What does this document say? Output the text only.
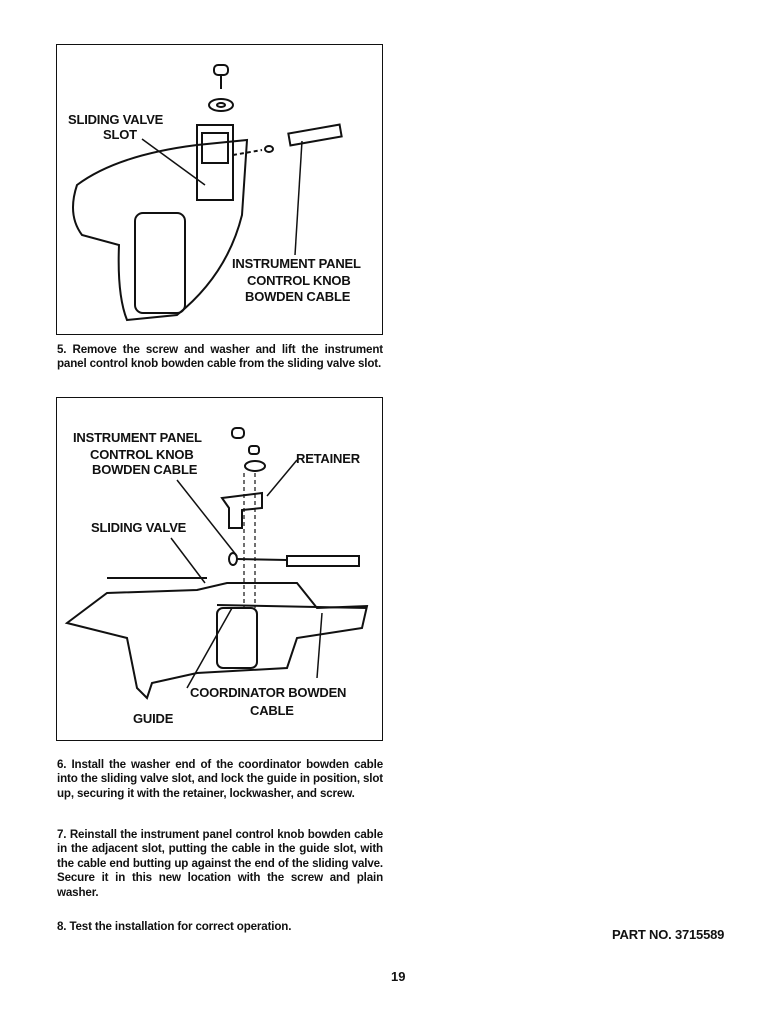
SLIDING VALVE
SLOT
INSTRUMENT PANEL
CONTROL KNOB
BOWDEN CABLE

5. Remove the screw and washer and lift the instrument panel control knob bowden cable from the sliding valve slot.

INSTRUMENT PANEL
CONTROL KNOB
BOWDEN CABLE
RETAINER
SLIDING VALVE
COORDINATOR BOWDEN
CABLE
GUIDE

6. Install the washer end of the coordinator bowden cable into the sliding valve slot, and lock the guide in position, slot up, securing it with the retainer, lockwasher, and screw.

7. Reinstall the instrument panel control knob bowden cable in the adjacent slot, putting the cable in the guide slot, with the cable end butting up against the end of the sliding valve. Secure it in this new location with the screw and plain washer.

8. Test the installation for correct operation.

PART NO. 3715589
19
